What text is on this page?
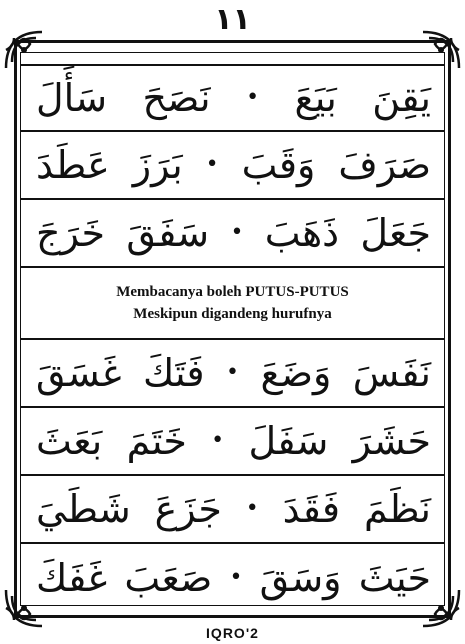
١١
سَأَلَ نَصَحَ • بَيَعَ يَقِنَ
عَطَدَ بَرَزَ • وَقَبَ صَرَفَ
خَرَجَ سَفَقَ • ذَهَبَ جَعَلَ
Membacanya boleh PUTUS-PUTUS
Meskipun digandeng hurufnya
غَسَقَ فَتَكَ • وَضَعَ نَفَسَ
بَعَثَ خَتَمَ • سَفَلَ حَشَرَ
شَطَيَ جَزَعَ • فَقَدَ نَظَمَ
غَفَكَ صَعَبَ • وَسَقَ حَيَثَ
IQRO'2
